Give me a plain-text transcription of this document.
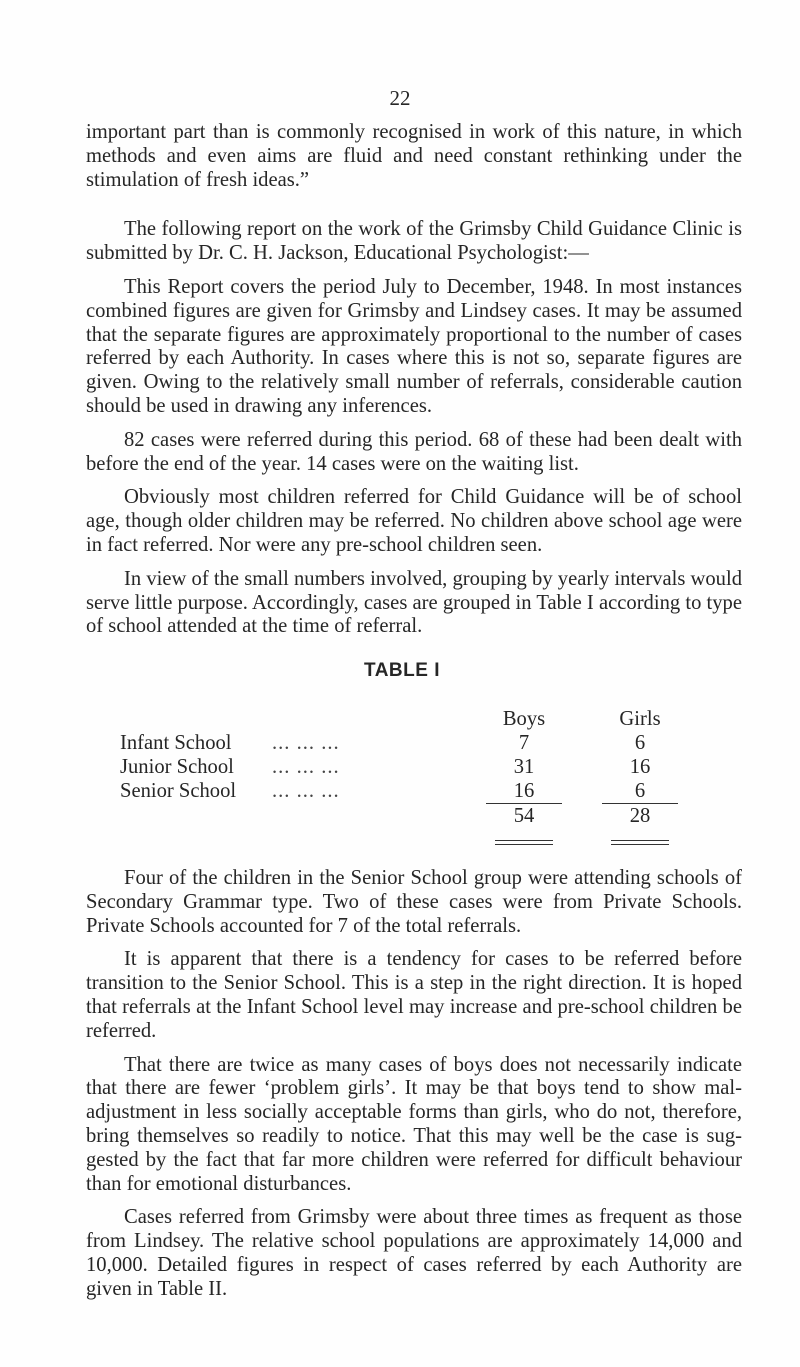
22

important part than is commonly recognised in work of this nature, in which methods and even aims are fluid and need constant rethinking under the stimulation of fresh ideas.”

The following report on the work of the Grimsby Child Guidance Clinic is submitted by Dr. C. H. Jackson, Educational Psychologist:—

This Report covers the period July to December, 1948. In most instances combined figures are given for Grimsby and Lindsey cases. It may be assumed that the separate figures are approximately proportional to the number of cases referred by each Authority. In cases where this is not so, separate figures are given. Owing to the relatively small number of referrals, considerable caution should be used in drawing any inferences.

82 cases were referred during this period. 68 of these had been dealt with before the end of the year. 14 cases were on the waiting list.

Obviously most children referred for Child Guidance will be of school age, though older children may be referred. No children above school age were in fact referred. Nor were any pre-school children seen.

In view of the small numbers involved, grouping by yearly intervals would serve little purpose. Accordingly, cases are grouped in Table I according to type of school attended at the time of referral.

TABLE I
		Boys		Girls
Infant School	... ... ...	7		6
Junior School	... ... ...	31		16
Senior School	... ... ...	16		6
		54		28

Four of the children in the Senior School group were attending schools of Secondary Grammar type. Two of these cases were from Private Schools. Private Schools accounted for 7 of the total referrals.

It is apparent that there is a tendency for cases to be referred before transition to the Senior School. This is a step in the right direction. It is hoped that referrals at the Infant School level may increase and pre-school children be referred.

That there are twice as many cases of boys does not necessarily indicate that there are fewer ‘problem girls’. It may be that boys tend to show mal-adjustment in less socially acceptable forms than girls, who do not, therefore, bring themselves so readily to notice. That this may well be the case is sug-gested by the fact that far more children were referred for difficult behaviour than for emotional disturbances.

Cases referred from Grimsby were about three times as frequent as those from Lindsey. The relative school populations are approximately 14,000 and 10,000. Detailed figures in respect of cases referred by each Authority are given in Table II.
